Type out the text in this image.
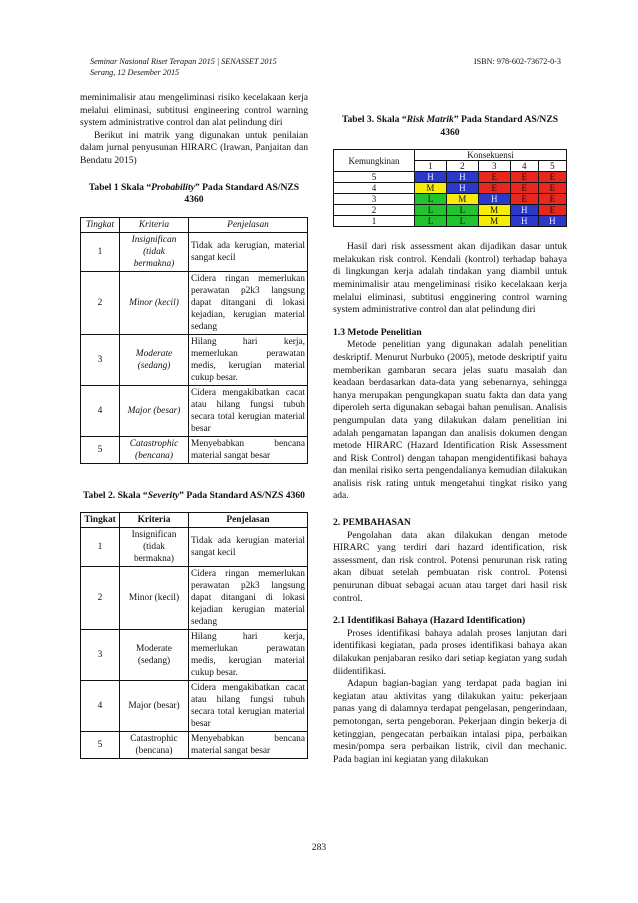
Seminar Nasional Riset Terapan 2015 | SENASSET 2015
Serang, 12 Desember 2015
ISBN: 978-602-73672-0-3

meminimalisir atau mengeliminasi risiko kecelakaan kerja melalui eliminasi, subtitusi engineering control warning system administrative control dan alat pelindung diri

Berikut ini matrik yang digunakan untuk penilaian dalam jurnal penyusunan HIRARC (Irawan, Panjaitan dan Bendatu 2015)

Tabel 1 Skala “Probability” Pada Standard AS/NZS 4360
Tingkat	Kriteria	Penjelasan
1	Insignifican (tidak bermakna)	Tidak ada kerugian, material sangat kecil
2	Minor (kecil)	Cidera ringan memerlukan perawatan p2k3 langsung dapat ditangani di lokasi kejadian, kerugian material sedang
3	Moderate (sedang)	Hilang hari kerja, memerlukan perawatan medis, kerugian material cukup besar.
4	Major (besar)	Cidera mengakibatkan cacat atau hilang fungsi tubuh secara total kerugian material besar
5	Catastrophic (bencana)	Menyebabkan bencana material sangat besar
Tabel 2. Skala “Severity” Pada Standard AS/NZS 4360
Tingkat	Kriteria	Penjelasan
1	Insignifican (tidak bermakna)	Tidak ada kerugian material sangat kecil
2	Minor (kecil)	Cidera ringan memerlukan perawatan p2k3 langsung dapat ditangani di lokasi kejadian kerugian material sedang
3	Moderate (sedang)	Hilang hari kerja, memerlukan perawatan medis, kerugian material cukup besar.
4	Major (besar)	Cidera mengakibatkan cacat atau hilang fungsi tubuh secara total kerugian material besar
5	Catastrophic (bencana)	Menyebabkan bencana material sangat besar
Tabel 3. Skala “Risk Matrik” Pada Standard AS/NZS 4360
Kemungkinan	Konsekuensi				
	1	2	3	4	5
5	H	H	E	E	E
4	M	H	E	E	E
3	L	M	H	E	E
2	L	L	M	H	E
1	L	L	M	H	H

Hasil dari risk assessment akan dijadikan dasar untuk melakukan risk control. Kendali (kontrol) terhadap bahaya di lingkungan kerja adalah tindakan yang diambil untuk meminimalisir atau mengeliminasi risiko kecelakaan kerja melalui eliminasi, subtitusi engginering control warning system administrative control dan alat pelindung diri

1.3 Metode Penelitian

Metode penelitian yang digunakan adalah penelitian deskriptif. Menurut Nurbuko (2005), metode deskriptif yaitu memberikan gambaran secara jelas suatu masalah dan keadaan berdasarkan data-data yang sebenarnya, sehingga hanya merupakan pengungkapan suatu fakta dan data yang diperoleh serta digunakan sebagai bahan penulisan. Analisis pengumpulan data yang dilakukan dalam penelitian ini adalah pengamatan lapangan dan analisis dokumen dengan metode HIRARC (Hazard Identification Risk Assessment and Risk Control) dengan tahapan mengidentifikasi bahaya dan menilai risiko serta pengendalianya kemudian dilakukan analisis risk rating untuk mengetahui tingkat risiko yang ada.

2. PEMBAHASAN

Pengolahan data akan dilakukan dengan metode HIRARC yang terdiri dari hazard identification, risk assessment, dan risk control. Potensi penurunan risk rating akan dibuat setelah pembuatan risk control. Potensi penurunan dibuat sebagai acuan atau target dari hasil risk control.

2.1 Identifikasi Bahaya (Hazard Identification)

Proses identifikasi bahaya adalah proses lanjutan dari identifikasi kegiatan, pada proses identifikasi bahaya akan dilakukan penjabaran resiko dari setiap kegiatan yang sudah diidentifikasi.

Adapun bagian-bagian yang terdapat pada bagian ini kegiatan atau aktivitas yang dilakukan yaitu: pekerjaan panas yang di dalamnya terdapat pengelasan, pengerindaan, pemotongan, serta pengeboran. Pekerjaan dingin bekerja di ketinggian, pengecatan perbaikan intalasi pipa, perbaikan mesin/pompa sera perbaikan listrik, civil dan mechanic. Pada bagian ini kegiatan yang dilakukan

283
